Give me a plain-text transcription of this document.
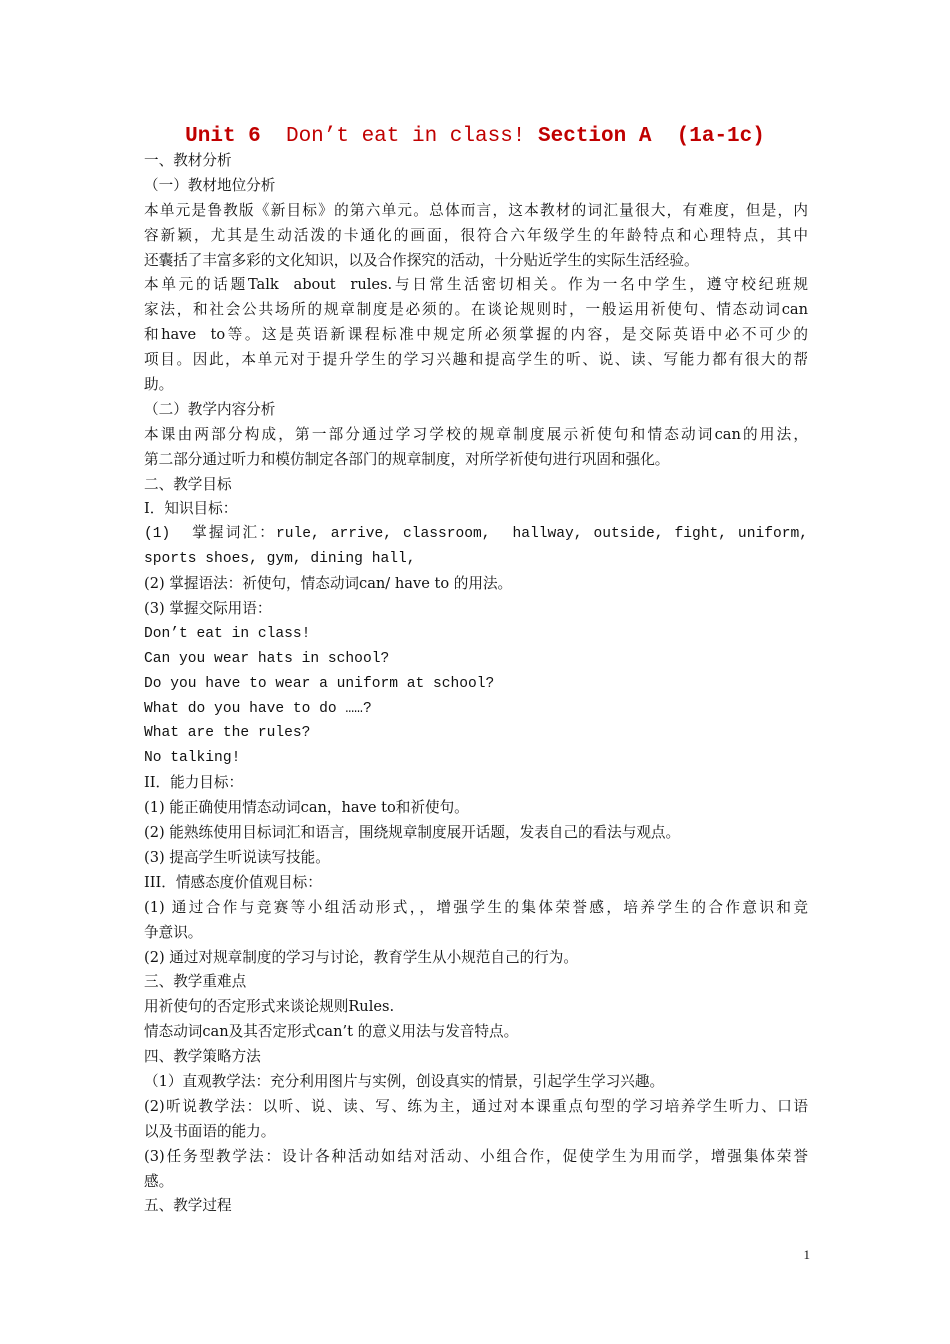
Unit 6  Don’t eat in class! Section A  (1a-1c)
一、教材分析
（一）教材地位分析
本单元是鲁教版《新目标》的第六单元。总体而言，这本教材的词汇量很大，有难度，但是，内
容新颖，尤其是生动活泼的卡通化的画面，很符合六年级学生的年龄特点和心理特点，其中
还囊括了丰富多彩的文化知识，以及合作探究的活动，十分贴近学生的实际生活经验。
本单元的话题Talk  about  rules.与日常生活密切相关。作为一名中学生，遵守校纪班规
家法，和社会公共场所的规章制度是必须的。在谈论规则时，一般运用祈使句、情态动词can
和have  to等。这是英语新课程标准中规定所必须掌握的内容，是交际英语中必不可少的
项目。因此，本单元对于提升学生的学习兴趣和提高学生的听、说、读、写能力都有很大的帮
助。
（二）教学内容分析
本课由两部分构成，第一部分通过学习学校的规章制度展示祈使句和情态动词can的用法，
第二部分通过听力和模仿制定各部门的规章制度，对所学祈使句进行巩固和强化。
二、教学目标
I．知识目标：
(1)  掌握词汇：rule, arrive, classroom,  hallway, outside, fight, uniform,
sports shoes, gym, dining hall,
(2) 掌握语法：祈使句，情态动词can/ have to 的用法。
(3) 掌握交际用语：
Don’t eat in class!
Can you wear hats in school?
Do you have to wear a uniform at school?
What do you have to do ……?
What are the rules?
No talking!
II．能力目标：
(1) 能正确使用情态动词can，have to和祈使句。
(2) 能熟练使用目标词汇和语言，围绕规章制度展开话题，发表自己的看法与观点。
(3) 提高学生听说读写技能。
III．情感态度价值观目标：
(1) 通过合作与竞赛等小组活动形式，，增强学生的集体荣誉感，培养学生的合作意识和竞
争意识。
(2) 通过对规章制度的学习与讨论，教育学生从小规范自己的行为。
三、教学重难点
用祈使句的否定形式来谈论规则Rules.
情态动词can及其否定形式can’t 的意义用法与发音特点。
四、教学策略方法
（1）直观教学法：充分利用图片与实例，创设真实的情景，引起学生学习兴趣。
(2)听说教学法：以听、说、读、写、练为主，通过对本课重点句型的学习培养学生听力、口语
以及书面语的能力。
(3)任务型教学法：设计各种活动如结对活动、小组合作，促使学生为用而学，增强集体荣誉
感。
五、教学过程
1
